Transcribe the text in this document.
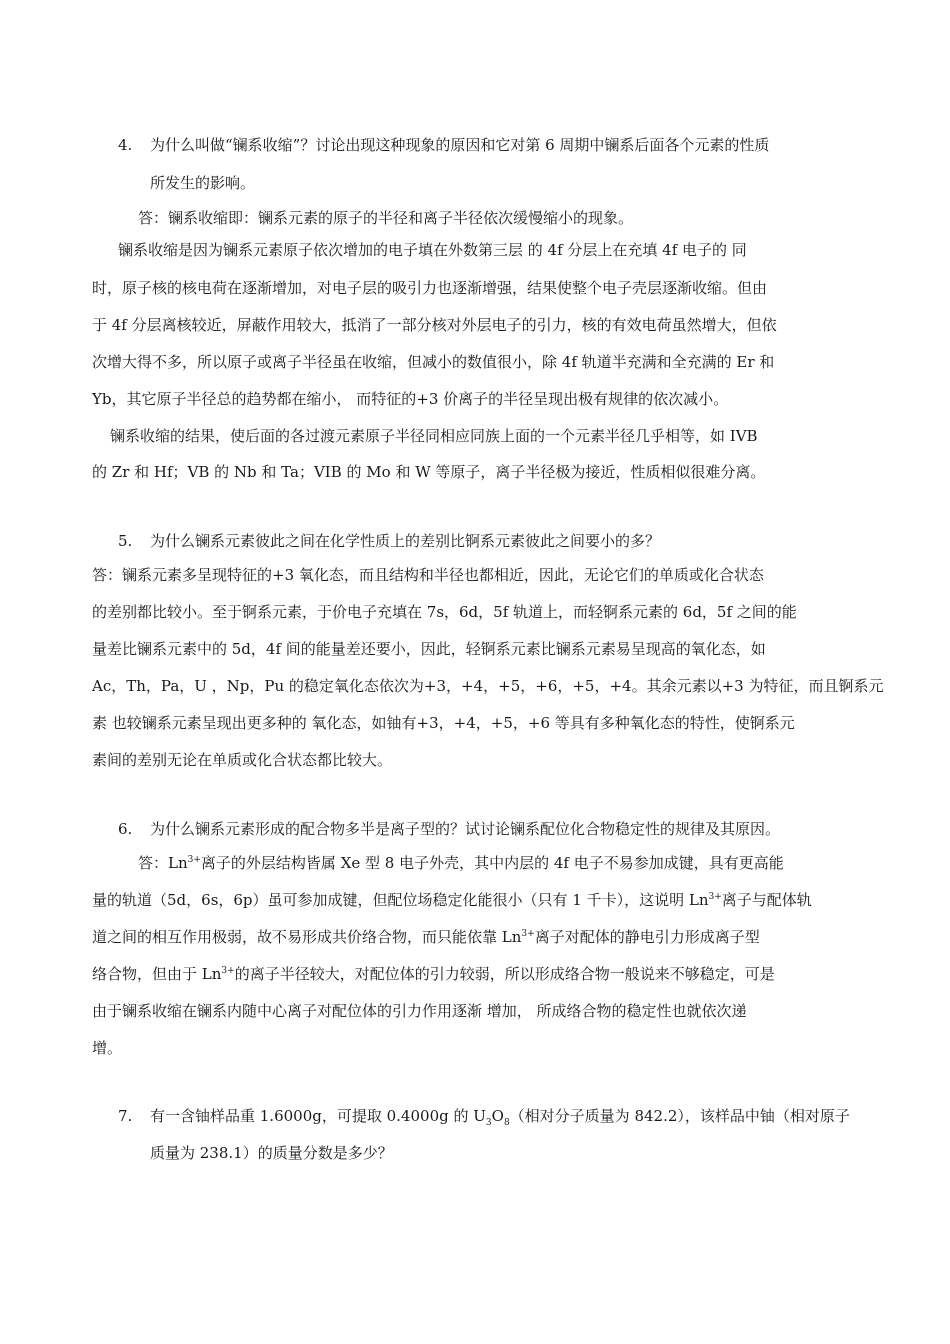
4. 为什么叫做“镧系收缩”？讨论出现这种现象的原因和它对第 6 周期中镧系后面各个元素的性质
所发生的影响。
答：镧系收缩即：镧系元素的原子的半径和离子半径依次缓慢缩小的现象。
镧系收缩是因为镧系元素原子依次增加的电子填在外数第三层 的 4f 分层上在充填 4f 电子的 同
时，原子核的核电荷在逐渐增加，对电子层的吸引力也逐渐增强，结果使整个电子壳层逐渐收缩。但由
于 4f 分层离核较近，屏蔽作用较大，抵消了一部分核对外层电子的引力，核的有效电荷虽然增大，但依
次增大得不多，所以原子或离子半径虽在收缩，但减小的数值很小，除 4f 轨道半充满和全充满的 Er 和
Yb，其它原子半径总的趋势都在缩小， 而特征的+3 价离子的半径呈现出极有规律的依次减小。
镧系收缩的结果，使后面的各过渡元素原子半径同相应同族上面的一个元素半径几乎相等，如 IVB
的 Zr 和 Hf；VB 的 Nb 和 Ta；VIB 的 Mo 和 W 等原子，离子半径极为接近，性质相似很难分离。
5. 为什么镧系元素彼此之间在化学性质上的差别比锕系元素彼此之间要小的多？
答：镧系元素多呈现特征的+3 氧化态，而且结构和半径也都相近，因此，无论它们的单质或化合状态
的差别都比较小。至于锕系元素，于价电子充填在 7s，6d，5f 轨道上，而轻锕系元素的 6d，5f 之间的能
量差比镧系元素中的 5d，4f 间的能量差还要小，因此，轻锕系元素比镧系元素易呈现高的氧化态，如
Ac，Th，Pa，U ，Np，Pu 的稳定氧化态依次为+3，+4，+5，+6，+5，+4。其余元素以+3 为特征，而且锕系元
素 也较镧系元素呈现出更多种的 氧化态，如铀有+3，+4，+5，+6 等具有多种氧化态的特性，使锕系元
素间的差别无论在单质或化合状态都比较大。
6. 为什么镧系元素形成的配合物多半是离子型的？试讨论镧系配位化合物稳定性的规律及其原因。
答：$Ln^{3+}$离子的外层结构皆属 Xe 型 8 电子外壳，其中内层的 4f 电子不易参加成键，具有更高能
量的轨道（5d，6s，6p）虽可参加成键，但配位场稳定化能很小（只有 1 千卡），这说明 $Ln^{3+}$离子与配体轨
道之间的相互作用极弱，故不易形成共价络合物，而只能依靠 $Ln^{3+}$离子对配体的静电引力形成离子型
络合物，但由于 $Ln^{3+}$的离子半径较大，对配位体的引力较弱，所以形成络合物一般说来不够稳定，可是
由于镧系收缩在镧系内随中心离子对配位体的引力作用逐渐 增加， 所成络合物的稳定性也就依次递
增。
7. 有一含铀样品重 1.6000g，可提取 0.4000g 的 $U_3O_8$（相对分子质量为 842.2），该样品中铀（相对原子
质量为 238.1）的质量分数是多少？
